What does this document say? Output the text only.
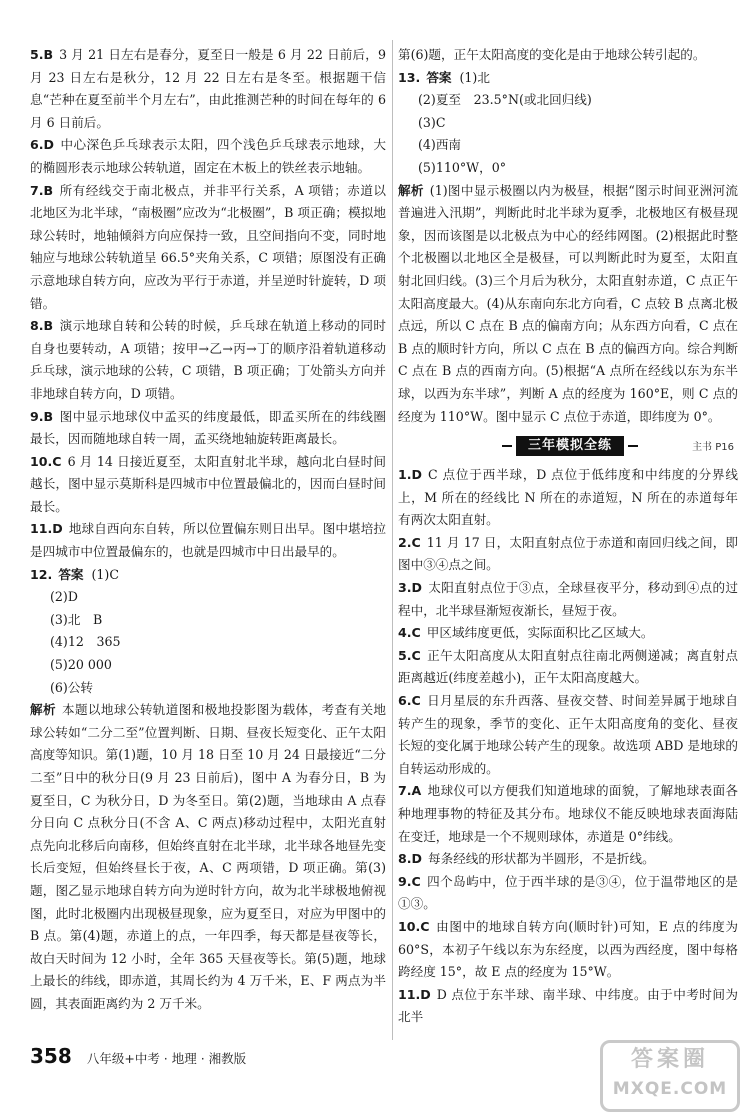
5.B 3 月 21 日左右是春分，夏至日一般是 6 月 22 日前后，9 月 23 日左右是秋分，12 月 22 日左右是冬至。根据题干信息“芒种在夏至前半个月左右”，由此推测芒种的时间在每年的 6 月 6 日前后。

6.D 中心深色乒乓球表示太阳，四个浅色乒乓球表示地球，大的椭圆形表示地球公转轨道，固定在木板上的铁丝表示地轴。

7.B 所有经线交于南北极点，并非平行关系，A 项错；赤道以北地区为北半球，“南极圈”应改为“北极圈”，B 项正确；模拟地球公转时，地轴倾斜方向应保持一致，且空间指向不变，同时地轴应与地球公转轨道呈 66.5°夹角关系，C 项错；原图没有正确示意地球自转方向，应改为平行于赤道，并呈逆时针旋转，D 项错。

8.B 演示地球自转和公转的时候，乒乓球在轨道上移动的同时自身也要转动，A 项错；按甲→乙→丙→丁的顺序沿着轨道移动乒乓球，演示地球的公转，C 项错，B 项正确；丁处箭头方向并非地球自转方向，D 项错。

9.B 图中显示地球仪中孟买的纬度最低，即孟买所在的纬线圈最长，因而随地球自转一周，孟买绕地轴旋转距离最长。

10.C 6 月 14 日接近夏至，太阳直射北半球，越向北白昼时间越长，图中显示莫斯科是四城市中位置最偏北的，因而白昼时间最长。

11.D 地球自西向东自转，所以位置偏东则日出早。图中堪培拉是四城市中位置最偏东的，也就是四城市中日出最早的。

12. 答案 (1)C

(2)D

(3)北　B

(4)12　365

(5)20 000

(6)公转

解析 本题以地球公转轨道图和极地投影图为载体，考查有关地球公转如“二分二至”位置判断、日期、昼夜长短变化、正午太阳高度等知识。第(1)题，10 月 18 日至 10 月 24 日最接近“二分二至”日中的秋分日(9 月 23 日前后)，图中 A 为春分日，B 为夏至日，C 为秋分日，D 为冬至日。第(2)题，当地球由 A 点春分日向 C 点秋分日(不含 A、C 两点)移动过程中，太阳光直射点先向北移后向南移，但始终直射在北半球，北半球各地昼先变长后变短，但始终昼长于夜，A、C 两项错，D 项正确。第(3)题，图乙显示地球自转方向为逆时针方向，故为北半球极地俯视图，此时北极圈内出现极昼现象，应为夏至日，对应为甲图中的 B 点。第(4)题，赤道上的点，一年四季，每天都是昼夜等长，故白天时间为 12 小时，全年 365 天昼夜等长。第(5)题，地球上最长的纬线，即赤道，其周长约为 4 万千米，E、F 两点为半圆，其表面距离约为 2 万千米。

第(6)题，正午太阳高度的变化是由于地球公转引起的。

13. 答案 (1)北

(2)夏至　23.5°N(或北回归线)

(3)C

(4)西南

(5)110°W，0°

解析 (1)图中显示极圈以内为极昼，根据“图示时间亚洲河流普遍进入汛期”，判断此时北半球为夏季，北极地区有极昼现象，因而该图是以北极点为中心的经纬网图。(2)根据此时整个北极圈以北地区全是极昼，可以判断此时为夏至，太阳直射北回归线。(3)三个月后为秋分，太阳直射赤道，C 点正午太阳高度最大。(4)从东南向东北方向看，C 点较 B 点离北极点远，所以 C 点在 B 点的偏南方向；从东西方向看，C 点在 B 点的顺时针方向，所以 C 点在 B 点的偏西方向。综合判断 C 点在 B 点的西南方向。(5)根据“A 点所在经线以东为东半球，以西为东半球”，判断 A 点的经度为 160°E，则 C 点的经度为 110°W。图中显示 C 点位于赤道，即纬度为 0°。

三年模拟全练	主书 P16

1.D C 点位于西半球，D 点位于低纬度和中纬度的分界线上，M 所在的经线比 N 所在的赤道短，N 所在的赤道每年有两次太阳直射。

2.C 11 月 17 日，太阳直射点位于赤道和南回归线之间，即图中③④点之间。

3.D 太阳直射点位于③点，全球昼夜平分，移动到④点的过程中，北半球昼渐短夜渐长，昼短于夜。

4.C 甲区域纬度更低，实际面积比乙区域大。

5.C 正午太阳高度从太阳直射点往南北两侧递减；离直射点距离越近(纬度差越小)，正午太阳高度越大。

6.C 日月星辰的东升西落、昼夜交替、时间差异属于地球自转产生的现象，季节的变化、正午太阳高度角的变化、昼夜长短的变化属于地球公转产生的现象。故选项 ABD 是地球的自转运动形成的。

7.A 地球仪可以方便我们知道地球的面貌，了解地球表面各种地理事物的特征及其分布。地球仪不能反映地球表面海陆在变迁，地球是一个不规则球体，赤道是 0°纬线。

8.D 每条经线的形状都为半圆形，不是折线。

9.C 四个岛屿中，位于西半球的是③④，位于温带地区的是①③。

10.C 由图中的地球自转方向(顺时针)可知，E 点的纬度为 60°S，本初子午线以东为东经度，以西为西经度，图中每格跨经度 15°，故 E 点的经度为 15°W。

11.D D 点位于东半球、南半球、中纬度。由于中考时间为北半

358 八年级+中考 · 地理 · 湘教版	答案圈
MXQE.COM
